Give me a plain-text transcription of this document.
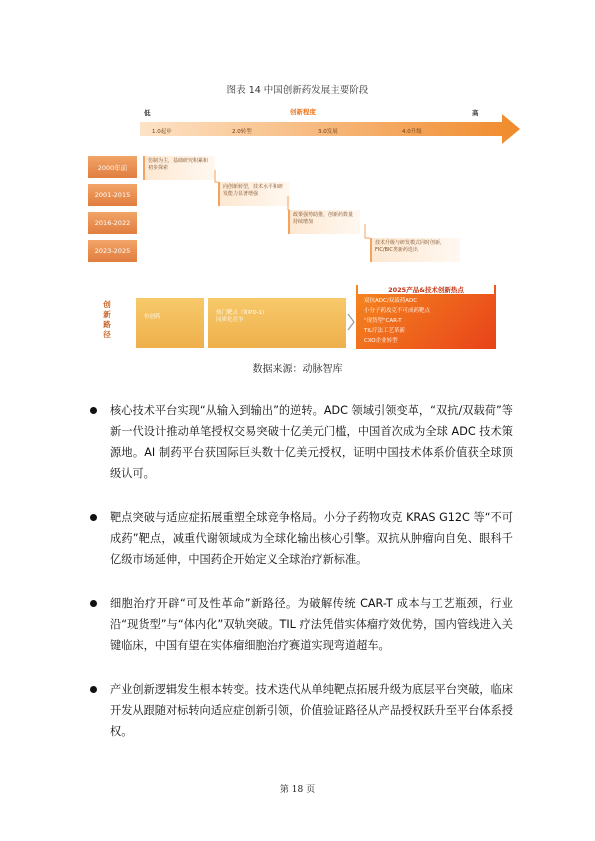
图表 14 中国创新药发展主要阶段
低	高
创新程度
1.0起步	2.0转型	3.0发展	4.0升级
2000年前
2001-2015
2016-2022
2023-2025
仿制为主，基础研究积累和初步探索
向创新转型，技术水平和研发能力显著增强
政策强势助推，创新药数量持续增加
技术升级与研发模式同时创新，FIC/BIC类新药迭出
创新路径
仿创药
热门靶点（如PD-1）
同质化竞争
2025产品&技术创新热点
双抗ADC/双载荷ADC
小分子药攻克不可成药靶点
"现货型"CAR-T
TIL疗法工艺革新
CXO企业转型
数据来源：动脉智库
核心技术平台实现“从输入到输出”的逆转。ADC 领域引领变革，“双抗/双载荷”等新一代设计推动单笔授权交易突破十亿美元门槛，中国首次成为全球 ADC 技术策源地。AI 制药平台获国际巨头数十亿美元授权，证明中国技术体系价值获全球顶级认可。
靶点突破与适应症拓展重塑全球竞争格局。小分子药物攻克 KRAS G12C 等“不可成药”靶点，减重代谢领域成为全球化输出核心引擎。双抗从肿瘤向自免、眼科千亿级市场延伸，中国药企开始定义全球治疗新标准。
细胞治疗开辟“可及性革命”新路径。为破解传统 CAR-T 成本与工艺瓶颈，行业沿“现货型”与“体内化”双轨突破。TIL 疗法凭借实体瘤疗效优势，国内管线进入关键临床，中国有望在实体瘤细胞治疗赛道实现弯道超车。
产业创新逻辑发生根本转变。技术迭代从单纯靶点拓展升级为底层平台突破，临床开发从跟随对标转向适应症创新引领，价值验证路径从产品授权跃升至平台体系授权。
第 18 页
